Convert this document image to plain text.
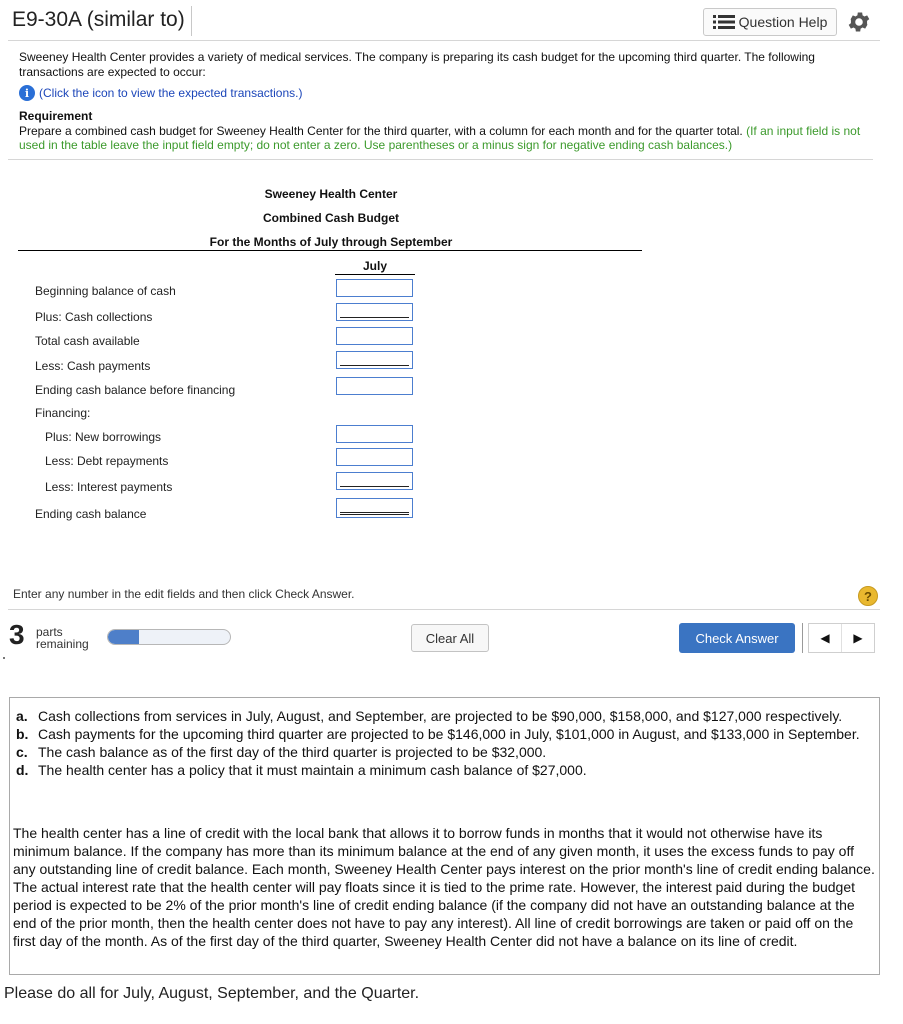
E9-30A (similar to)	Question Help
Sweeney Health Center provides a variety of medical services. The company is preparing its cash budget for the upcoming third quarter. The following transactions are expected to occur:
i (Click the icon to view the expected transactions.)
Requirement
Prepare a combined cash budget for Sweeney Health Center for the third quarter, with a column for each month and for the quarter total. (If an input field is not used in the table leave the input field empty; do not enter a zero. Use parentheses or a minus sign for negative ending cash balances.)
Sweeney Health Center
Combined Cash Budget
For the Months of July through September
July
Beginning balance of cash
Plus: Cash collections
Total cash available
Less: Cash payments
Ending cash balance before financing
Financing:
Plus: New borrowings
Less: Debt repayments
Less: Interest payments
Ending cash balance
Enter any number in the edit fields and then click Check Answer.	?
3 parts
remaining	Clear All	Check Answer	◀	▶
a. Cash collections from services in July, August, and September, are projected to be $90,000, $158,000, and $127,000 respectively.
b. Cash payments for the upcoming third quarter are projected to be $146,000 in July, $101,000 in August, and $133,000 in September.
c. The cash balance as of the first day of the third quarter is projected to be $32,000.
d. The health center has a policy that it must maintain a minimum cash balance of $27,000.

The health center has a line of credit with the local bank that allows it to borrow funds in months that it would not otherwise have its minimum balance. If the company has more than its minimum balance at the end of any given month, it uses the excess funds to pay off any outstanding line of credit balance. Each month, Sweeney Health Center pays interest on the prior month's line of credit ending balance. The actual interest rate that the health center will pay floats since it is tied to the prime rate. However, the interest paid during the budget period is expected to be 2% of the prior month's line of credit ending balance (if the company did not have an outstanding balance at the end of the prior month, then the health center does not have to pay any interest). All line of credit borrowings are taken or paid off on the first day of the month. As of the first day of the third quarter, Sweeney Health Center did not have a balance on its line of credit.

Please do all for July, August, September, and the Quarter.
